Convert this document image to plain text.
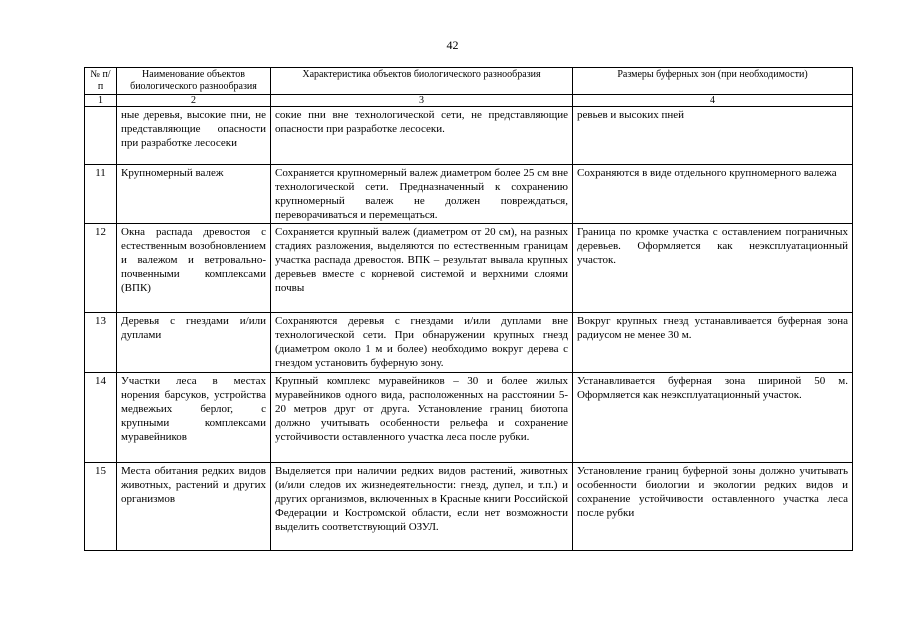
42
№ п/п	Наименование объектов биологического разнообразия	Характеристика объектов биологического разнообразия	Размеры буферных зон (при необходимости)
1	2	3	4
	ные деревья, высокие пни, не представляющие опасности при разработке лесосеки	сокие пни вне технологической сети, не представляющие опасности при разработке лесосеки.	ревьев и высоких пней
11	Крупномерный валеж	Сохраняется крупномерный валеж диаметром более 25 см вне технологической сети. Предназначенный к сохранению крупномерный валеж не должен повреждаться, переворачиваться и перемещаться.	Сохраняются в виде отдельного крупномерного валежа
12	Окна распада древостоя с естественным возобновлением и валежом и ветровально-почвенными комплексами (ВПК)	Сохраняется крупный валеж (диаметром от 20 см), на разных стадиях разложения, выделяются по естественным границам участка распада древостоя. ВПК – результат вывала крупных деревьев вместе с корневой системой и верхними слоями почвы	Граница по кромке участка с оставлением пограничных деревьев. Оформляется как неэксплуатационный участок.
13	Деревья с гнездами и/или дуплами	Сохраняются деревья с гнездами и/или дуплами вне технологической сети. При обнаружении крупных гнезд (диаметром около 1 м и более) необходимо вокруг дерева с гнездом установить буферную зону.	Вокруг крупных гнезд устанавливается буферная зона радиусом не менее 30 м.
14	Участки леса в местах норения барсуков, устройства медвежьих берлог, с крупными комплексами муравейников	Крупный комплекс муравейников – 30 и более жилых муравейников одного вида, расположенных на расстоянии 5-20 метров друг от друга. Установление границ биотопа должно учитывать особенности рельефа и сохранение устойчивости оставленного участка леса после рубки.	Устанавливается буферная зона шириной 50 м. Оформляется как неэксплуатационный участок.
15	Места обитания редких видов животных, растений и других организмов	Выделяется при наличии редких видов растений, животных (и/или следов их жизнедеятельности: гнезд, дупел, и т.п.) и других организмов, включенных в Красные книги Российской Федерации и Костромской области, если нет возможности выделить соответствующий ОЗУЛ.	Установление границ буферной зоны должно учитывать особенности биологии и экологии редких видов и сохранение устойчивости оставленного участка леса после рубки
